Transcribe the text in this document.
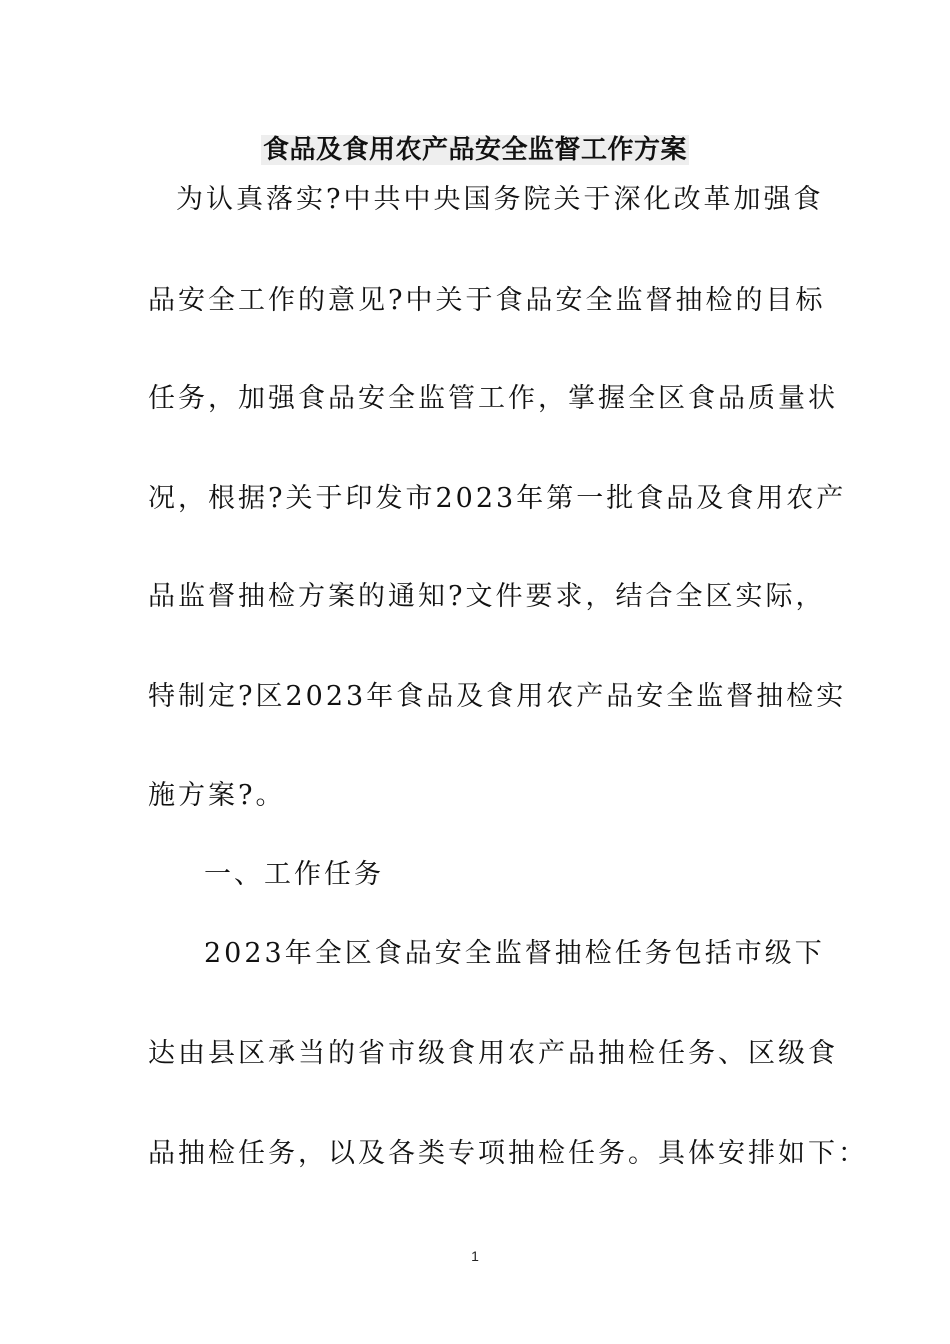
食品及食用农产品安全监督工作方案
为认真落实?中共中央国务院关于深化改革加强食
品安全工作的意见?中关于食品安全监督抽检的目标
任务，加强食品安全监管工作，掌握全区食品质量状
况，根据?关于印发市2023年第一批食品及食用农产
品监督抽检方案的通知?文件要求，结合全区实际，
特制定?区2023年食品及食用农产品安全监督抽检实
施方案?。
一、工作任务
2023年全区食品安全监督抽检任务包括市级下
达由县区承当的省市级食用农产品抽检任务、区级食
品抽检任务，以及各类专项抽检任务。具体安排如下：
1
